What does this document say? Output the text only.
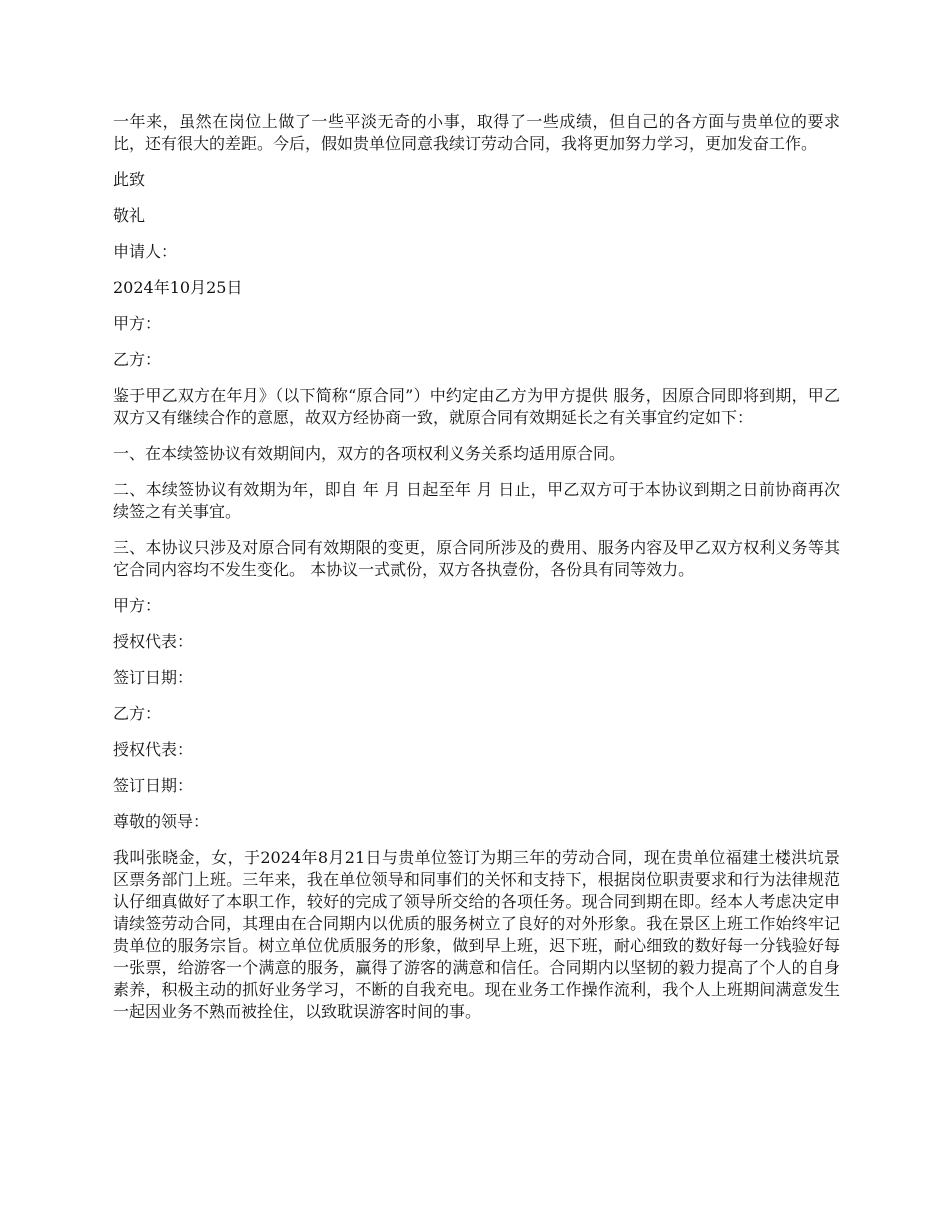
一年来，虽然在岗位上做了一些平淡无奇的小事，取得了一些成绩，但自己的各方面与贵单位的要求比，还有很大的差距。今后，假如贵单位同意我续订劳动合同，我将更加努力学习，更加发奋工作。

此致

敬礼

申请人：

2024年10月25日

甲方：

乙方：

鉴于甲乙双方在年月》（以下简称“原合同”）中约定由乙方为甲方提供 服务，因原合同即将到期，甲乙双方又有继续合作的意愿，故双方经协商一致，就原合同有效期延长之有关事宜约定如下：

一、在本续签协议有效期间内，双方的各项权利义务关系均适用原合同。

二、本续签协议有效期为年，即自 年 月 日起至年 月 日止，甲乙双方可于本协议到期之日前协商再次续签之有关事宜。

三、本协议只涉及对原合同有效期限的变更，原合同所涉及的费用、服务内容及甲乙双方权利义务等其它合同内容均不发生变化。 本协议一式贰份，双方各执壹份，各份具有同等效力。

甲方：

授权代表：

签订日期：

乙方：

授权代表：

签订日期：

尊敬的领导：

我叫张晓金，女，于2024年8月21日与贵单位签订为期三年的劳动合同，现在贵单位福建土楼洪坑景区票务部门上班。三年来，我在单位领导和同事们的关怀和支持下，根据岗位职责要求和行为法律规范认仔细真做好了本职工作，较好的完成了领导所交给的各项任务。现合同到期在即。经本人考虑决定申请续签劳动合同，其理由在合同期内以优质的服务树立了良好的对外形象。我在景区上班工作始终牢记贵单位的服务宗旨。树立单位优质服务的形象，做到早上班，迟下班，耐心细致的数好每一分钱验好每一张票，给游客一个满意的服务，赢得了游客的满意和信任。合同期内以坚韧的毅力提高了个人的自身素养，积极主动的抓好业务学习，不断的自我充电。现在业务工作操作流利，我个人上班期间满意发生一起因业务不熟而被拴住，以致耽误游客时间的事。
